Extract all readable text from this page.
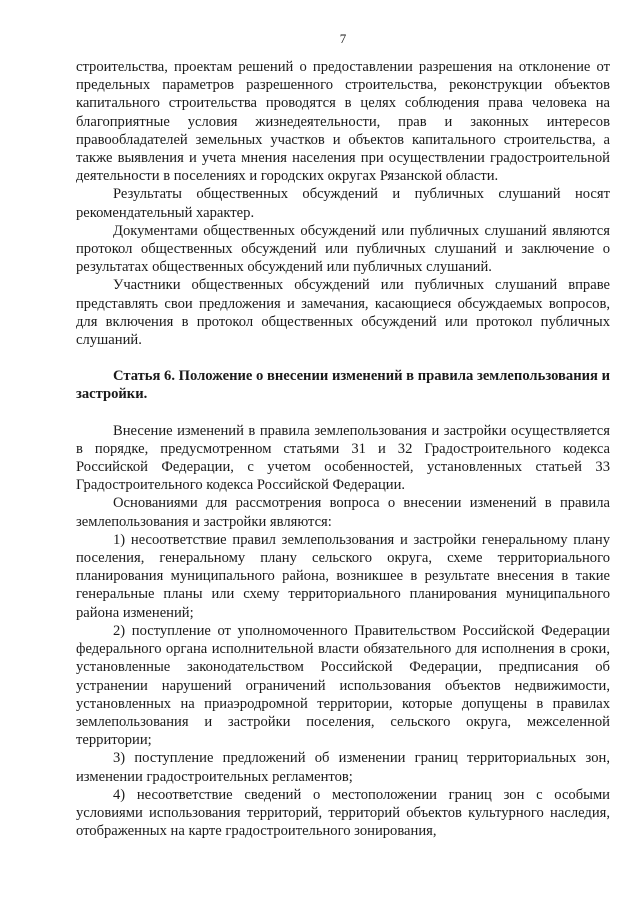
7

строительства, проектам решений о предоставлении разрешения на отклонение от предельных параметров разрешенного строительства, реконструкции объектов капитального строительства проводятся в целях соблюдения права человека на благоприятные условия жизнедеятельности, прав и законных интересов правообладателей земельных участков и объектов капитального строительства, а также выявления и учета мнения населения при осуществлении градостроительной деятельности в поселениях и городских округах Рязанской области.

Результаты общественных обсуждений и публичных слушаний носят рекомендательный характер.

Документами общественных обсуждений или публичных слушаний являются протокол общественных обсуждений или публичных слушаний и заключение о результатах общественных обсуждений или публичных слушаний.

Участники общественных обсуждений или публичных слушаний вправе представлять свои предложения и замечания, касающиеся обсуждаемых вопросов, для включения в протокол общественных обсуждений или протокол публичных слушаний.

Статья 6. Положение о внесении изменений в правила землепользования и застройки.

Внесение изменений в правила землепользования и застройки осуществляется в порядке, предусмотренном статьями 31 и 32 Градостроительного кодекса Российской Федерации, с учетом особенностей, установленных статьей 33 Градостроительного кодекса Российской Федерации.

Основаниями для рассмотрения вопроса о внесении изменений в правила землепользования и застройки являются:

1) несоответствие правил землепользования и застройки генеральному плану поселения, генеральному плану сельского округа, схеме территориального планирования муниципального района, возникшее в результате внесения в такие генеральные планы или схему территориального планирования муниципального района изменений;

2) поступление от уполномоченного Правительством Российской Федерации федерального органа исполнительной власти обязательного для исполнения в сроки, установленные законодательством Российской Федерации, предписания об устранении нарушений ограничений использования объектов недвижимости, установленных на приаэродромной территории, которые допущены в правилах землепользования и застройки поселения, сельского округа, межселенной территории;

3) поступление предложений об изменении границ территориальных зон, изменении градостроительных регламентов;

4) несоответствие сведений о местоположении границ зон с особыми условиями использования территорий, территорий объектов культурного наследия, отображенных на карте градостроительного зонирования,
